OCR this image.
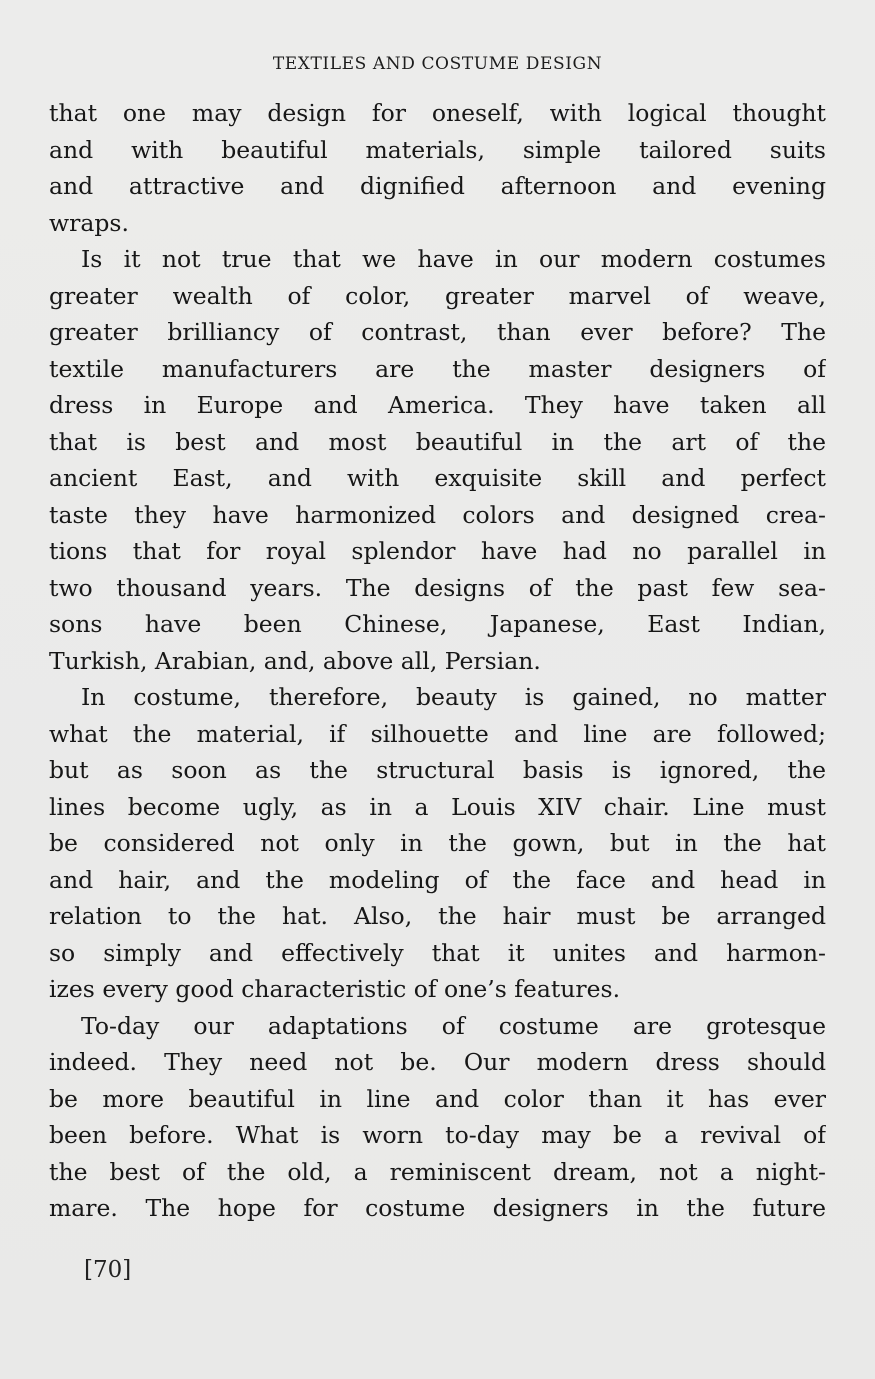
TEXTILES AND COSTUME DESIGN
that one may design for oneself, with logical thought
and with beautiful materials, simple tailored suits
and attractive and dignified afternoon and evening
wraps.
Is it not true that we have in our modern costumes
greater wealth of color, greater marvel of weave,
greater brilliancy of contrast, than ever before? The
textile manufacturers are the master designers of
dress in Europe and America. They have taken all
that is best and most beautiful in the art of the
ancient East, and with exquisite skill and perfect
taste they have harmonized colors and designed crea-
tions that for royal splendor have had no parallel in
two thousand years. The designs of the past few sea-
sons have been Chinese, Japanese, East Indian,
Turkish, Arabian, and, above all, Persian.
In costume, therefore, beauty is gained, no matter
what the material, if silhouette and line are followed;
but as soon as the structural basis is ignored, the
lines become ugly, as in a Louis XIV chair. Line must
be considered not only in the gown, but in the hat
and hair, and the modeling of the face and head in
relation to the hat. Also, the hair must be arranged
so simply and effectively that it unites and harmon-
izes every good characteristic of one’s features.
To-day our adaptations of costume are grotesque
indeed. They need not be. Our modern dress should
be more beautiful in line and color than it has ever
been before. What is worn to-day may be a revival of
the best of the old, a reminiscent dream, not a night-
mare. The hope for costume designers in the future
[70]
